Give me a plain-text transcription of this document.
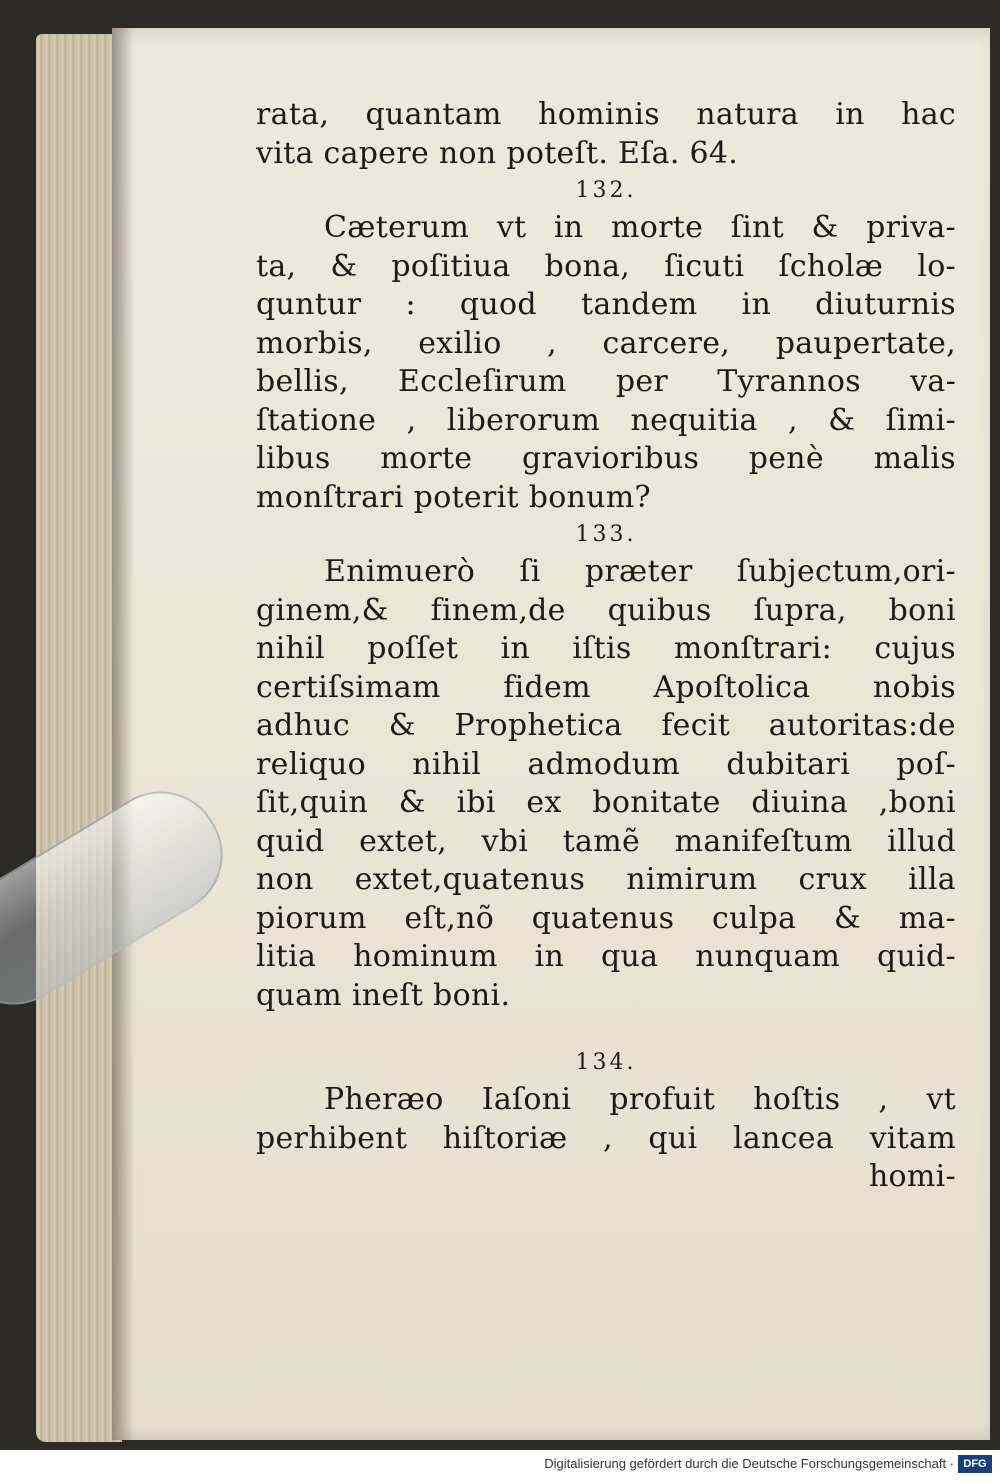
rata, quantam hominis natura in hac
vita capere non poteſt. Eſa. 64.
132.
Cæterum vt in morte ſint & priva-
ta, & poſitiua bona, ſicuti ſcholæ lo-
quntur : quod tandem in diuturnis
morbis, exilio , carcere, paupertate,
bellis, Eccleſirum per Tyrannos va-
ſtatione , liberorum nequitia , & ſimi-
libus morte gravioribus penè malis
monſtrari poterit bonum?
133.
Enimuerò ſi præter ſubjectum,ori-
ginem,& finem,de quibus ſupra, boni
nihil poſſet in iſtis monſtrari: cujus
certiſsimam fidem Apoſtolica nobis
adhuc & Prophetica fecit autoritas:de
reliquo nihil admodum dubitari poſ-
ſit,quin & ibi ex bonitate diuina ,boni
quid extet, vbi tamẽ manifeſtum illud
non extet,quatenus nimirum crux illa
piorum eſt,nõ quatenus culpa & ma-
litia hominum in qua nunquam quid-
quam ineſt boni.
134.
Pheræo Iaſoni profuit hoſtis , vt
perhibent hiſtoriæ , qui lancea vitam
homi-
Digitalisierung gefördert durch die Deutsche Forschungsgemeinschaft · DFG
